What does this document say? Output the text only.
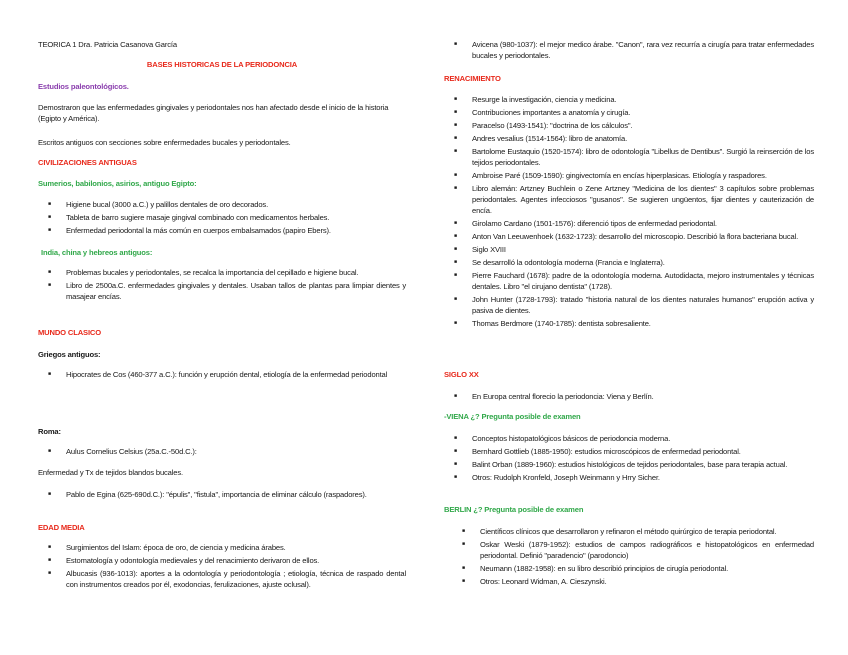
TEORICA 1 Dra. Patricia Casanova García
BASES HISTORICAS DE LA PERIODONCIA
Estudios paleontológicos.
Demostraron que las enfermedades gingivales y periodontales nos han afectado desde el inicio de la historia (Egipto y América).
Escritos antiguos con secciones sobre enfermedades bucales y periodontales.
CIVILIZACIONES ANTIGUAS
Sumerios, babilonios, asirios, antiguo Egipto:
■ Higiene bucal (3000 a.C.) y palillos dentales de oro decorados.
■ Tableta de barro sugiere masaje gingival combinado con medicamentos herbales.
■ Enfermedad periodontal la más común en cuerpos embalsamados (papiro Ebers).
India, china y hebreos antiguos:
■ Problemas bucales y periodontales, se recalca la importancia del cepillado e higiene bucal.
■ Libro de 2500a.C. enfermedades gingivales y dentales. Usaban tallos de plantas para limpiar dientes y masajear encías.
MUNDO CLASICO
Griegos antiguos:
■ Hipocrates de Cos (460-377 a.C.): función y erupción dental, etiología de la enfermedad periodontal
Roma:
■ Aulus Cornelius Celsius (25a.C.-50d.C.):
Enfermedad y Tx de tejidos blandos bucales.
■ Pablo de Egina (625-690d.C.): "épulis", "fistula", importancia de eliminar cálculo (raspadores).
EDAD MEDIA
■ Surgimientos del Islam: época de oro, de ciencia y medicina árabes.
■ Estomatología y odontología medievales y del renacimiento derivaron de ellos.
■ Albucasis (936-1013): aportes a la odontología y periodontología ; etiología, técnica de raspado dental con instrumentos creados por él, exodoncias, ferulizaciones, ajuste oclusal).
■ Avicena (980-1037): el mejor medico árabe. "Canon", rara vez recurría a cirugía para tratar enfermedades bucales y periodontales.
RENACIMIENTO
■ Resurge la investigación, ciencia y medicina.
■ Contribuciones importantes a anatomía y cirugía.
■ Paracelso (1493-1541): "doctrina de los cálculos".
■ Andres vesalius (1514-1564): libro de anatomía.
■ Bartolome Eustaquio (1520-1574): libro de odontología "Libellus de Dentibus". Surgió la reinserción de los tejidos periodontales.
■ Ambroise Paré (1509-1590): gingivectomía en encías hiperplasicas. Etiología y raspadores.
■ Libro alemán: Artzney Buchlein o Zene Artzney "Medicina de los dientes" 3 capítulos sobre problemas periodontales. Agentes infecciosos "gusanos". Se sugieren ungüentos, fijar dientes y cauterización de encía.
■ Girolamo Cardano (1501-1576): diferenció tipos de enfermedad periodontal.
■ Anton Van Leeuwenhoek (1632-1723): desarrollo del microscopio. Describió la flora bacteriana bucal.
■ Siglo XVIII
■ Se desarrolló la odontología moderna (Francia e Inglaterra).
■ Pierre Fauchard (1678): padre de la odontología moderna. Autodidacta, mejoro instrumentales y técnicas dentales. Libro "el cirujano dentista" (1728).
■ John Hunter (1728-1793): tratado "historia natural de los dientes naturales humanos" erupción activa y pasiva de dientes.
■ Thomas Berdmore (1740-1785): dentista sobresaliente.
SIGLO XX
■ En Europa central florecio la periodoncia: Viena y Berlín.
-VIENA ¿? Pregunta posible de examen
■ Conceptos histopatológicos básicos de periodoncia moderna.
■ Bernhard Gottlieb (1885-1950): estudios microscópicos de enfermedad periodontal.
■ Balint Orban (1889-1960): estudios histológicos de tejidos periodontales, base para terapia actual.
■ Otros: Rudolph Kronfeld, Joseph Weinmann y Hrry Sicher.
BERLIN ¿? Pregunta posible de examen
■ Científicos clínicos que desarrollaron y refinaron el método quirúrgico de terapia periodontal.
■ Oskar Weski (1879-1952): estudios de campos radiográficos e histopatológicos en enfermedad periodontal. Definió "paradencio" (parodoncio)
■ Neumann (1882-1958): en su libro describió principios de cirugía periodontal.
■ Otros: Leonard Widman, A. Cieszynski.
